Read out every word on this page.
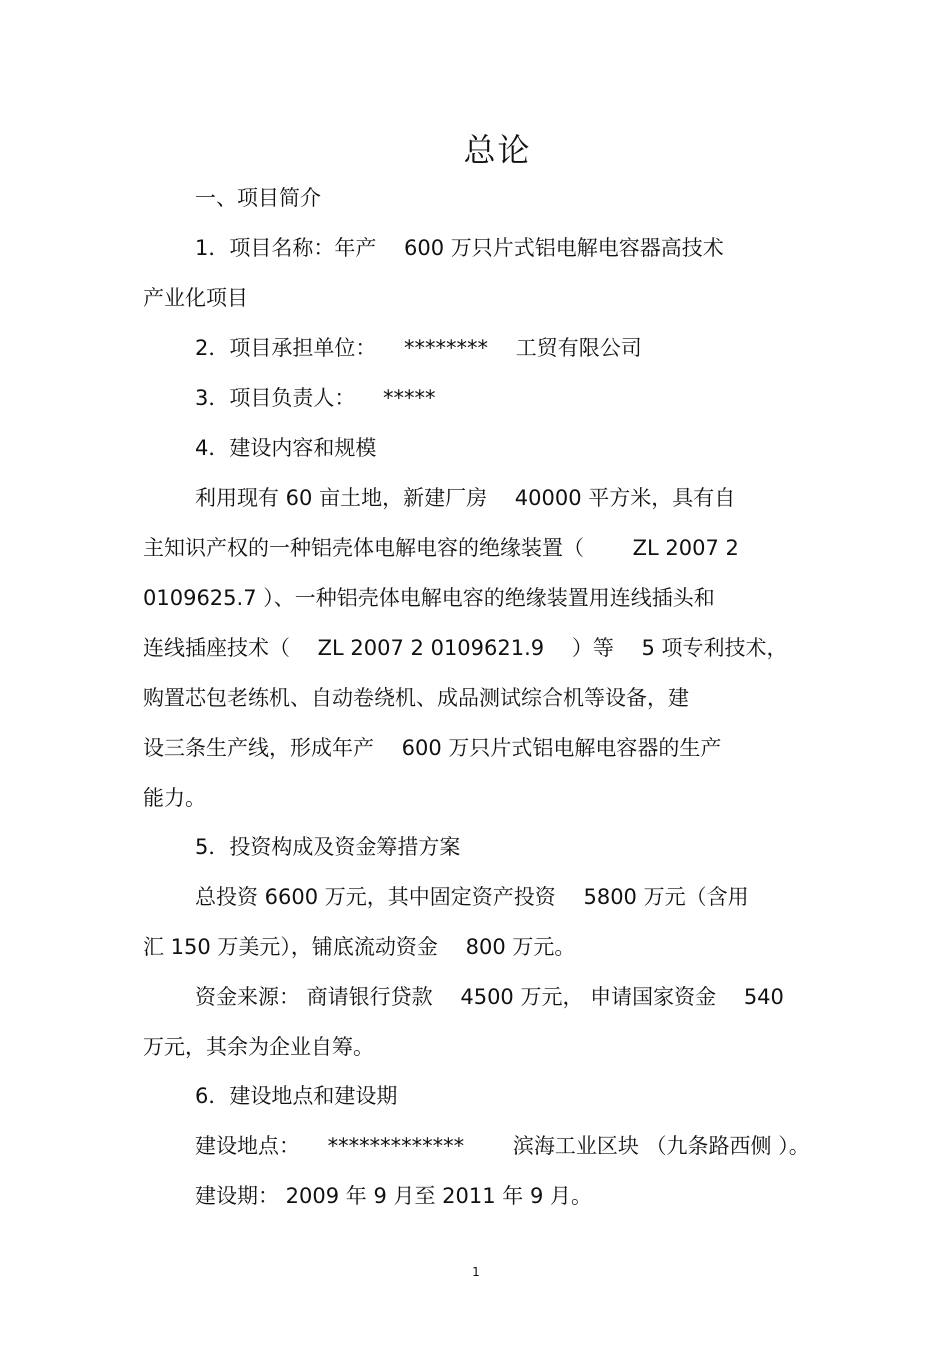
总论
一、项目简介
1．项目名称：年产 　600 万只片式铝电解电容器高技术
产业化项目
2．项目承担单位： 　******** 　工贸有限公司
3．项目负责人： 　*****
4．建设内容和规模
利用现有 60 亩土地，新建厂房 　40000 平方米，具有自
主知识产权的一种铝壳体电解电容的绝缘装置（ 　　ZL 2007 2
0109625.7 ）、一种铝壳体电解电容的绝缘装置用连线插头和
连线插座技术（ 　ZL 2007 2 0109621.9 　）等 　5 项专利技术，
购置芯包老练机、自动卷绕机、成品测试综合机等设备，建
设三条生产线，形成年产 　600 万只片式铝电解电容器的生产
能力。
5．投资构成及资金筹措方案
总投资 6600 万元，其中固定资产投资 　5800 万元（含用
汇 150 万美元），铺底流动资金 　800 万元。
资金来源： 商请银行贷款 　4500 万元， 申请国家资金 　540
万元，其余为企业自筹。
6．建设地点和建设期
建设地点： 　************* 　　滨海工业区块 （九条路西侧 ）。
建设期： 2009 年 9 月至 2011 年 9 月。
1
